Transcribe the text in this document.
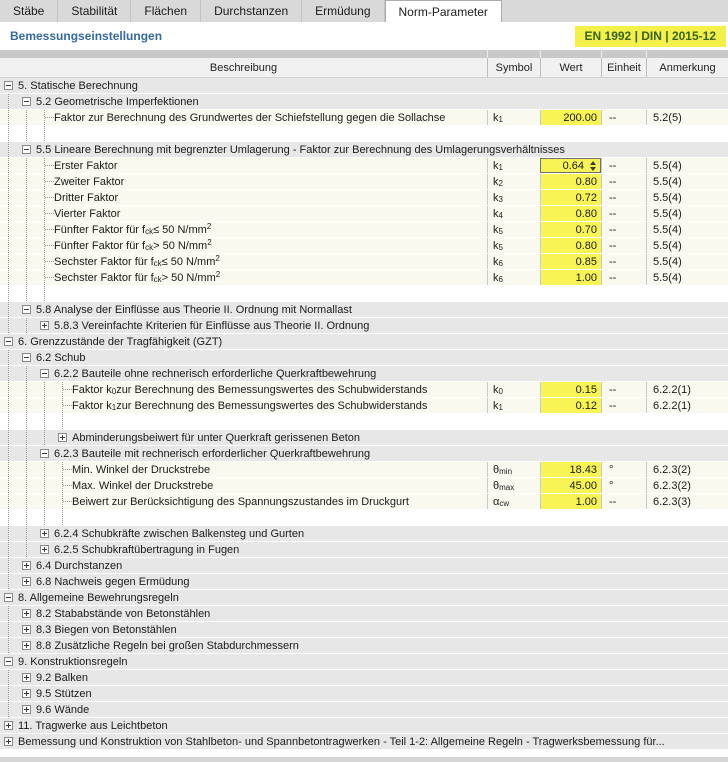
Stäbe	Stabilität	Flächen	Durchstanzen	Ermüdung	Norm-Parameter
Bemessungseinstellungen	EN 1992 | DIN | 2015-12
Beschreibung	Symbol	Wert	Einheit	Anmerkung
5. Statische Berechnung
5.2 Geometrische Imperfektionen
Faktor zur Berechnung des Grundwertes der Schiefstellung gegen die Sollachse	$k_1$	200.00	--	5.2(5)
5.5 Lineare Berechnung mit begrenzter Umlagerung - Faktor zur Berechnung des Umlagerungsverhältnisses
Erster Faktor	$k_1$	0.64	--	5.5(4)
Zweiter Faktor	$k_2$	0.80	--	5.5(4)
Dritter Faktor	$k_3$	0.72	--	5.5(4)
Vierter Faktor	$k_4$	0.80	--	5.5(4)
Fünfter Faktor für $f_{ck} \le 50$ $N/mm^2$	$k_5$	0.70	--	5.5(4)
Fünfter Faktor für $f_{ck} > 50$ $N/mm^2$	$k_5$	0.80	--	5.5(4)
Sechster Faktor für $f_{ck} \le 50$ $N/mm^2$	$k_6$	0.85	--	5.5(4)
Sechster Faktor für $f_{ck} > 50$ $N/mm^2$	$k_6$	1.00	--	5.5(4)
5.8 Analyse der Einflüsse aus Theorie II. Ordnung mit Normallast
5.8.3 Vereinfachte Kriterien für Einflüsse aus Theorie II. Ordnung
6. Grenzzustände der Tragfähigkeit (GZT)
6.2 Schub
6.2.2 Bauteile ohne rechnerisch erforderliche Querkraftbewehrung
Faktor $k_0$ zur Berechnung des Bemessungswertes des Schubwiderstands	$k_0$	0.15	--	6.2.2(1)
Faktor $k_1$ zur Berechnung des Bemessungswertes des Schubwiderstands	$k_1$	0.12	--	6.2.2(1)
Abminderungsbeiwert für unter Querkraft gerissenen Beton
6.2.3 Bauteile mit rechnerisch erforderlicher Querkraftbewehrung
Min. Winkel der Druckstrebe	$\theta_{min}$	18.43	°	6.2.3(2)
Max. Winkel der Druckstrebe	$\theta_{max}$	45.00	°	6.2.3(2)
Beiwert zur Berücksichtigung des Spannungszustandes im Druckgurt	$\alpha_{cw}$	1.00	--	6.2.3(3)
6.2.4 Schubkräfte zwischen Balkensteg und Gurten
6.2.5 Schubkraftübertragung in Fugen
6.4 Durchstanzen
6.8 Nachweis gegen Ermüdung
8. Allgemeine Bewehrungsregeln
8.2 Stababstände von Betonstählen
8.3 Biegen von Betonstählen
8.8 Zusätzliche Regeln bei großen Stabdurchmessern
9. Konstruktionsregeln
9.2 Balken
9.5 Stützen
9.6 Wände
11. Tragwerke aus Leichtbeton
Bemessung und Konstruktion von Stahlbeton- und Spannbetontragwerken - Teil 1-2: Allgemeine Regeln - Tragwerksbemessung für...
